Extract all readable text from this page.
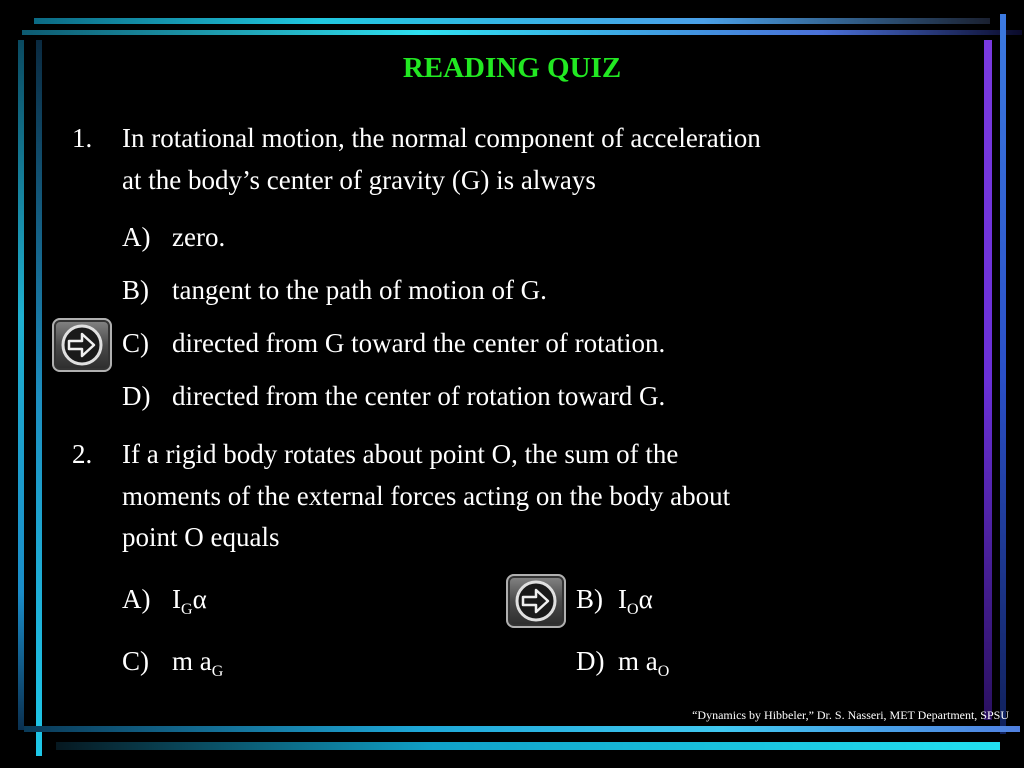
READING QUIZ
1. In rotational motion, the normal component of acceleration
at the body’s center of gravity (G) is always
A) zero.
B) tangent to the path of motion of G.
C) directed from G toward the center of rotation.
D) directed from the center of rotation toward G.
2. If a rigid body rotates about point O, the sum of the
moments of the external forces acting on the body about
point O equals
A) $I_G\alpha$	B) $I_O\alpha$
C) m $a_G$	D) m $a_O$
“Dynamics by Hibbeler,” Dr. S. Nasseri, MET Department, SPSU
